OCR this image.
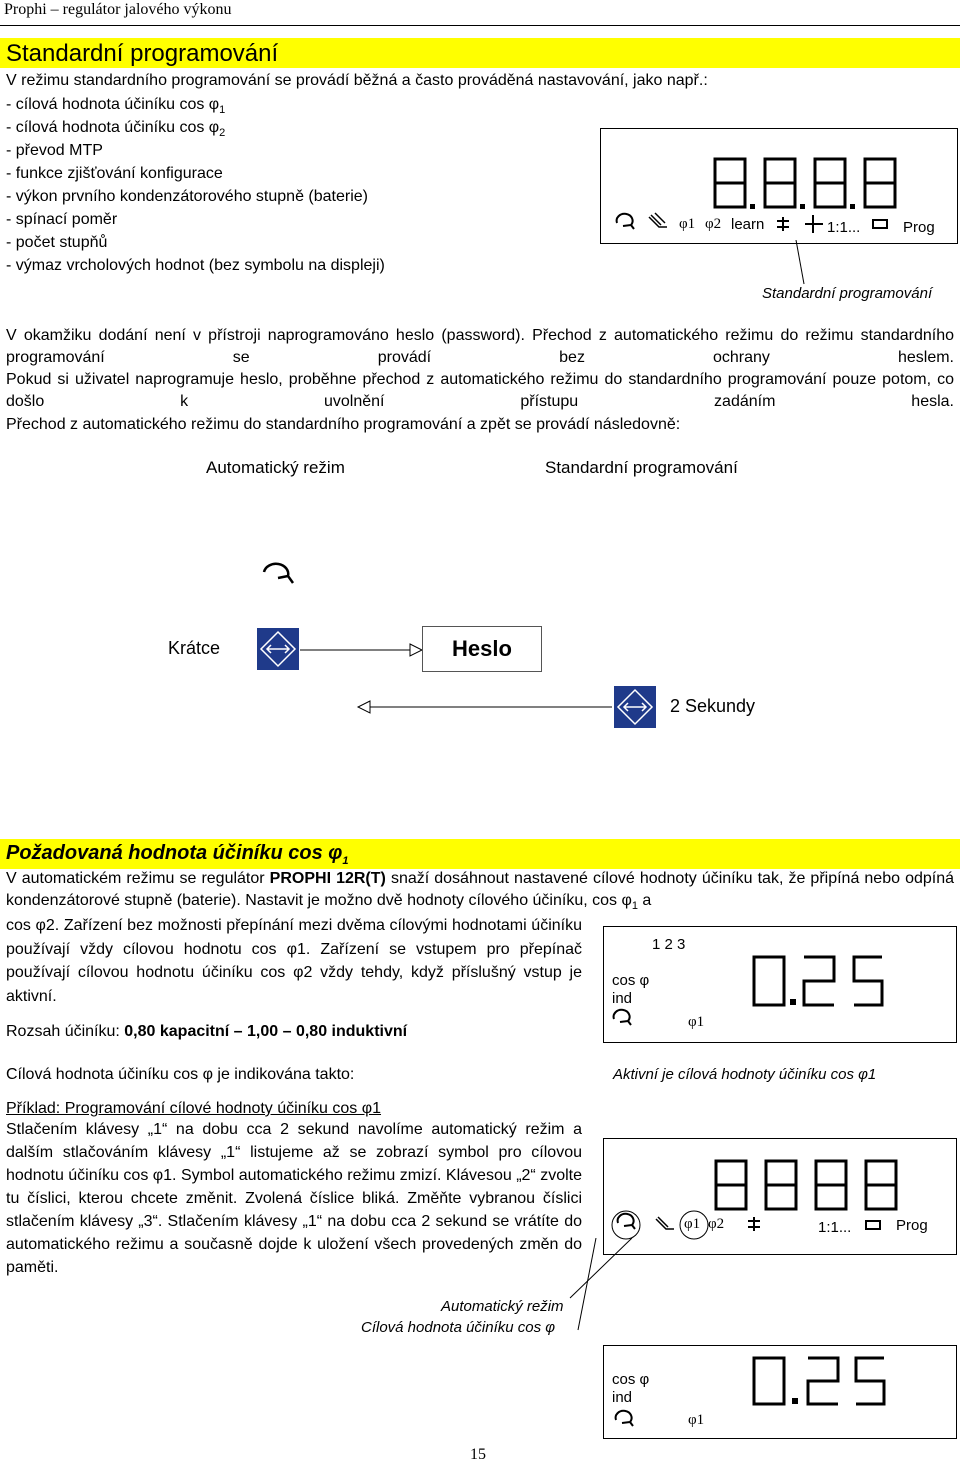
Prophi – regulátor jalového výkonu
Standardní programování
V režimu standardního programování se provádí běžná a často prováděná nastavování, jako např.:
- cílová hodnota účiníku $\cos \varphi_1$
- cílová hodnota účiníku $\cos \varphi_2$
- převod MTP
- funkce zjišťování konfigurace
- výkon prvního kondenzátorového stupně (baterie)
- spínací poměr
- počet stupňů
- výmaz vrcholových hodnot (bez symbolu na displeji)
φ1 φ2 learn	1:1...	Prog
Standardní programování
V okamžiku dodání není v přístroji naprogramováno heslo (password). Přechod z automatického režimu do režimu standardního programování se provádí bez ochrany heslem.
Pokud si uživatel naprogramuje heslo, proběhne přechod z automatického režimu do standardního programování pouze potom, co došlo k uvolnění přístupu zadáním hesla.
Přechod z automatického režimu do standardního programování a zpět se provádí následovně:
Automatický režim	Standardní programování
Krátce	Heslo
2 Sekundy
Požadovaná hodnota účiníku $\cos \varphi_1$
V automatickém režimu se regulátor PROPHI 12R(T) snaží dosáhnout nastavené cílové hodnoty účiníku tak, že připíná nebo odpíná kondenzátorové stupně (baterie). Nastavit je možno dvě hodnoty cílového účiníku, $\cos \varphi_1$ a
cos φ2. Zařízení bez možnosti přepínání mezi dvěma cílovými hodnotami účiníku používají vždy cílovou hodnotu cos φ1. Zařízení se vstupem pro přepínač používají cílovou hodnotu účiníku cos φ2 vždy tehdy, když příslušný vstup je aktivní.
Rozsah účiníku: 0,80 kapacitní – 1,00 – 0,80 induktivní
Cílová hodnota účiníku cos φ je indikována takto:
1 2 3
cos φ
ind
φ1
Aktivní je cílová hodnoty účiníku cos φ1
Příklad: Programování cílové hodnoty účiníku cos φ1
Stlačením klávesy „1“ na dobu cca 2 sekund navolíme automatický režim a dalším stlačováním klávesy „1“ listujeme až se zobrazí symbol pro cílovou hodnotu účiníku cos φ1. Symbol automatického režimu zmizí. Klávesou „2“ zvolte tu číslici, kterou chcete změnit. Zvolená číslice bliká. Změňte vybranou číslici stlačením klávesy „3“. Stlačením klávesy „1“ na dobu cca 2 sekund se vrátíte do automatického režimu a současně dojde k uložení všech provedených změn do paměti.
φ1 φ2	1:1...	Prog
Automatický režim
Cílová hodnota účiníku cos φ
cos φ
ind
φ1
15
